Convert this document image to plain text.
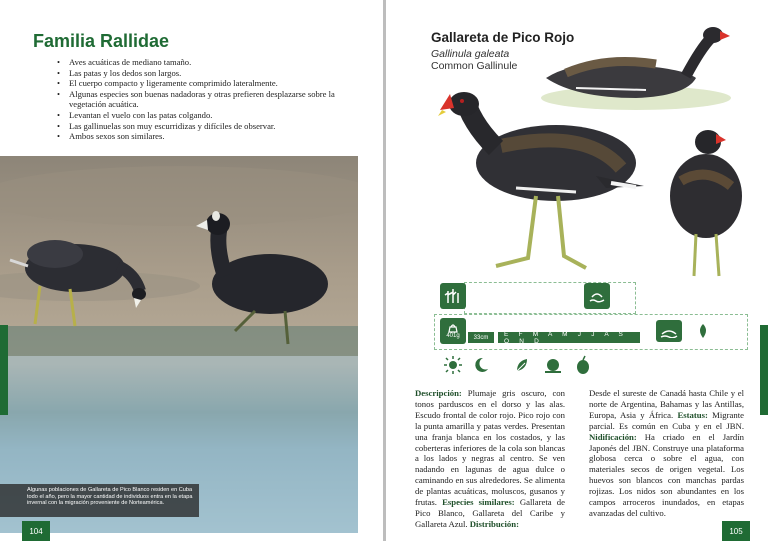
Familia Rallidae
• Aves acuáticas de mediano tamaño.
• Las patas y los dedos son largos.
• El cuerpo compacto y ligeramente comprimido lateralmente.
• Algunas especies son buenas nadadoras y otras prefieren desplazarse sobre la vegetación acuática.
• Levantan el vuelo con las patas colgando.
• Las gallinuelas son muy escurridizas y difíciles de observar.
• Ambos sexos son similares.
Algunas poblaciones de Gallareta de Pico Blanco residen en Cuba todo el año, pero la mayor cantidad de individuos entra en la etapa invernal con la migración proveniente de Norteamérica.
104
Gallareta de Pico Rojo
Gallinula galeata
Common Gallinule
401g	33cm	E F M A M J J A S O N D
Descripción: Plumaje gris oscuro, con tonos parduscos en el dorso y las alas. Escudo frontal de color rojo. Pico rojo con la punta amarilla y patas verdes. Presentan una franja blanca en los costados, y las coberteras inferiores de la cola son blancas a los lados y negras al centro. Se ven nadando en lagunas de agua dulce o caminando en sus alrededores. Se alimenta de plantas acuáticas, moluscos, gusanos y frutas. Especies similares: Gallareta de Pico Blanco, Gallareta del Caribe y Gallareta Azul. Distribución:
Desde el sureste de Canadá hasta Chile y el norte de Argentina, Bahamas y las Antillas, Europa, Asia y África. Estatus: Migrante parcial. Es común en Cuba y en el JBN. Nidificación: Ha criado en el Jardín Japonés del JBN. Construye una plataforma globosa cerca o sobre el agua, con materiales secos de origen vegetal. Los huevos son blancos con manchas pardas rojizas. Los nidos son abundantes en los campos arroceros inundados, en etapas avanzadas del cultivo.
105
